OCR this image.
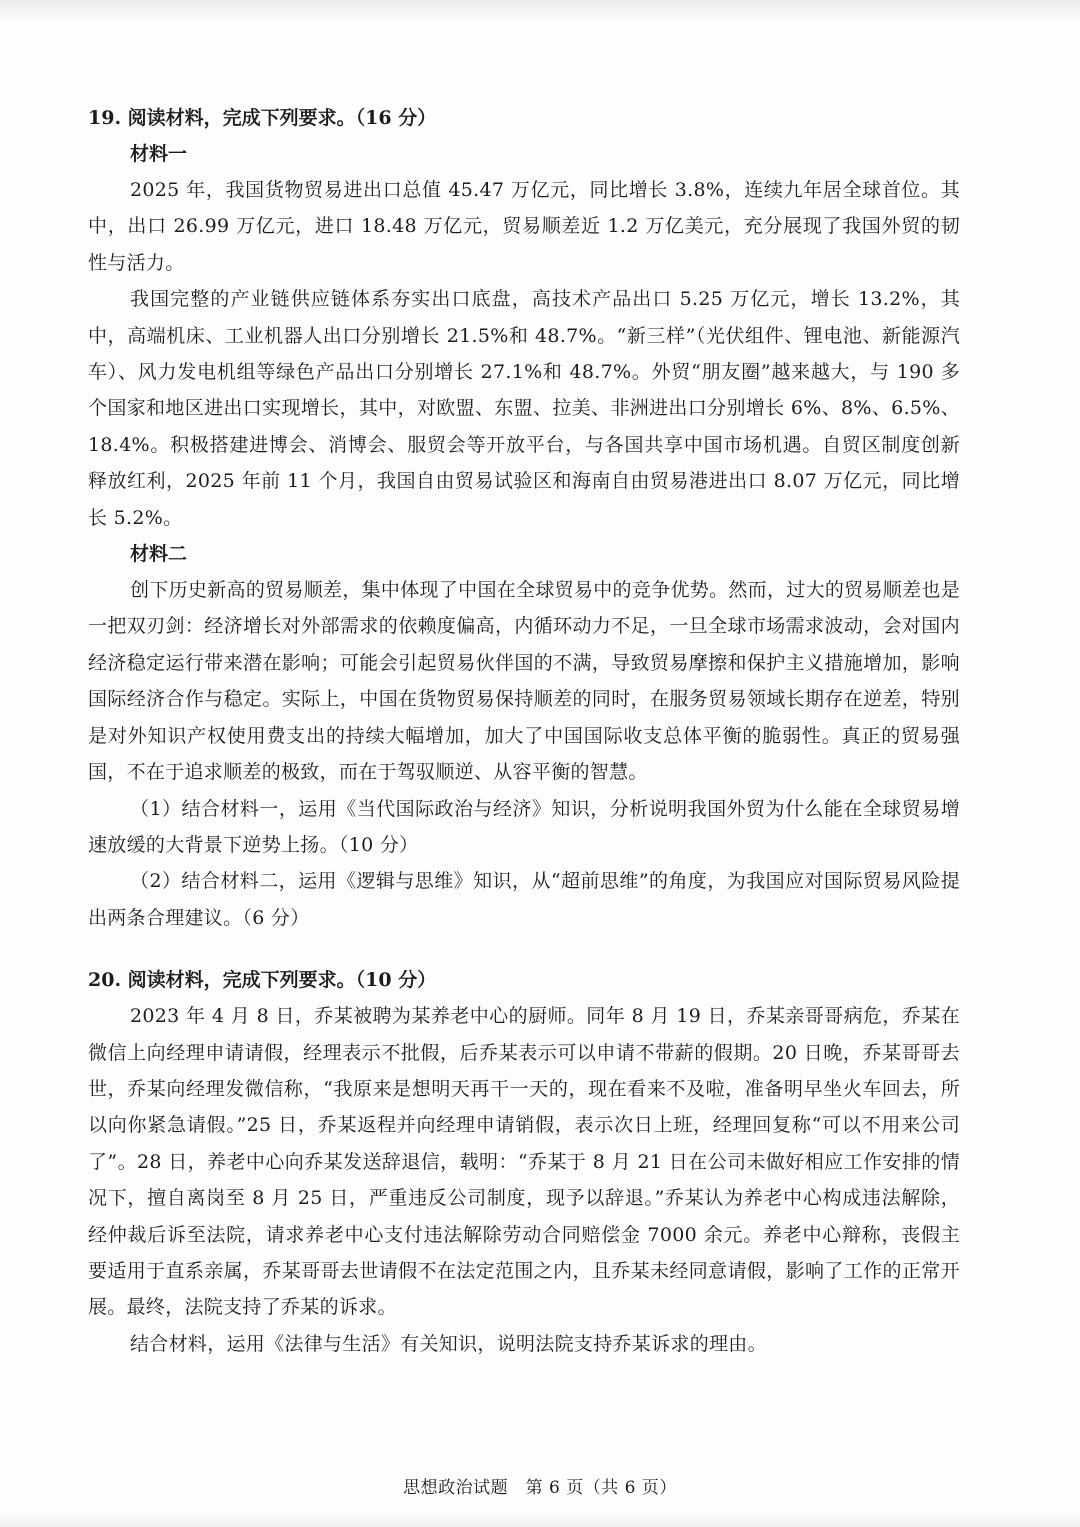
19. 阅读材料，完成下列要求。（16 分）

材料一

2025 年，我国货物贸易进出口总值 45.47 万亿元，同比增长 3.8%，连续九年居全球首位。其中，出口 26.99 万亿元，进口 18.48 万亿元，贸易顺差近 1.2 万亿美元，充分展现了我国外贸的韧性与活力。

我国完整的产业链供应链体系夯实出口底盘，高技术产品出口 5.25 万亿元，增长 13.2%，其中，高端机床、工业机器人出口分别增长 21.5%和 48.7%。“新三样”（光伏组件、锂电池、新能源汽车）、风力发电机组等绿色产品出口分别增长 27.1%和 48.7%。外贸“朋友圈”越来越大，与 190 多个国家和地区进出口实现增长，其中，对欧盟、东盟、拉美、非洲进出口分别增长 6%、8%、6.5%、18.4%。积极搭建进博会、消博会、服贸会等开放平台，与各国共享中国市场机遇。自贸区制度创新释放红利，2025 年前 11 个月，我国自由贸易试验区和海南自由贸易港进出口 8.07 万亿元，同比增长 5.2%。

材料二

创下历史新高的贸易顺差，集中体现了中国在全球贸易中的竞争优势。然而，过大的贸易顺差也是一把双刃剑：经济增长对外部需求的依赖度偏高，内循环动力不足，一旦全球市场需求波动，会对国内经济稳定运行带来潜在影响；可能会引起贸易伙伴国的不满，导致贸易摩擦和保护主义措施增加，影响国际经济合作与稳定。实际上，中国在货物贸易保持顺差的同时，在服务贸易领域长期存在逆差，特别是对外知识产权使用费支出的持续大幅增加，加大了中国国际收支总体平衡的脆弱性。真正的贸易强国，不在于追求顺差的极致，而在于驾驭顺逆、从容平衡的智慧。

（1）结合材料一，运用《当代国际政治与经济》知识，分析说明我国外贸为什么能在全球贸易增速放缓的大背景下逆势上扬。（10 分）

（2）结合材料二，运用《逻辑与思维》知识，从“超前思维”的角度，为我国应对国际贸易风险提出两条合理建议。（6 分）

20. 阅读材料，完成下列要求。（10 分）

2023 年 4 月 8 日，乔某被聘为某养老中心的厨师。同年 8 月 19 日，乔某亲哥哥病危，乔某在微信上向经理申请请假，经理表示不批假，后乔某表示可以申请不带薪的假期。20 日晚，乔某哥哥去世，乔某向经理发微信称，“我原来是想明天再干一天的，现在看来不及啦，准备明早坐火车回去，所以向你紧急请假。”25 日，乔某返程并向经理申请销假，表示次日上班，经理回复称“可以不用来公司了”。28 日，养老中心向乔某发送辞退信，载明：“乔某于 8 月 21 日在公司未做好相应工作安排的情况下，擅自离岗至 8 月 25 日，严重违反公司制度，现予以辞退。”乔某认为养老中心构成违法解除，经仲裁后诉至法院，请求养老中心支付违法解除劳动合同赔偿金 7000 余元。养老中心辩称，丧假主要适用于直系亲属，乔某哥哥去世请假不在法定范围之内，且乔某未经同意请假，影响了工作的正常开展。最终，法院支持了乔某的诉求。

结合材料，运用《法律与生活》有关知识，说明法院支持乔某诉求的理由。

思想政治试题　第 6 页（共 6 页）
